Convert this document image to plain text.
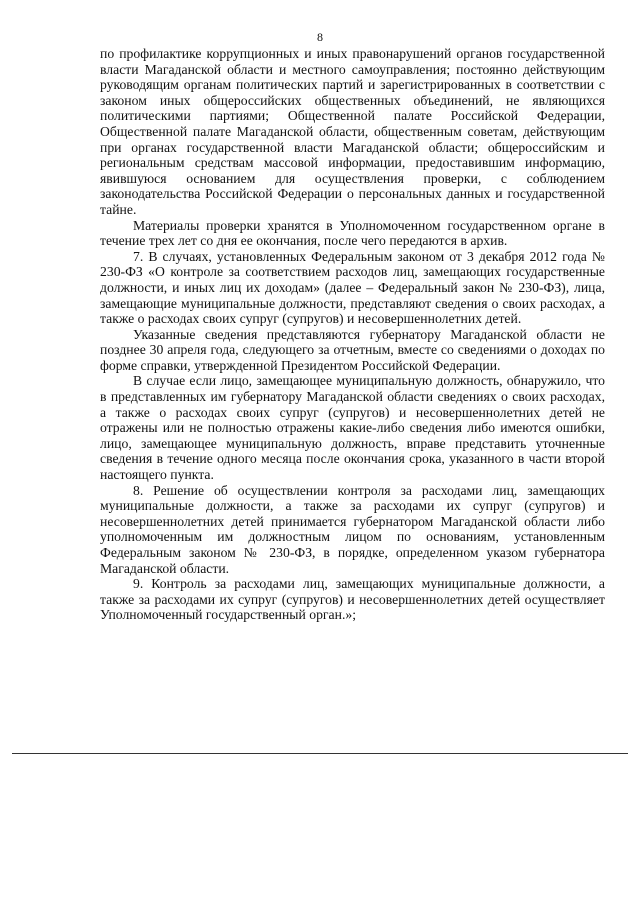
8

по профилактике коррупционных и иных правонарушений органов государственной власти Магаданской области и местного самоуправления; постоянно действующим руководящим органам политических партий и зарегистрированных в соответствии с законом иных общероссийских общественных объединений, не являющихся политическими партиями; Общественной палате Российской Федерации, Общественной палате Магаданской области, общественным советам, действующим при органах государственной власти Магаданской области; общероссийским и региональным средствам массовой информации, предоставившим информацию, явившуюся основанием для осуществления проверки, с соблюдением законодательства Российской Федерации о персональных данных и государственной тайне.

Материалы проверки хранятся в Уполномоченном государственном органе в течение трех лет со дня ее окончания, после чего передаются в архив.

7. В случаях, установленных Федеральным законом от 3 декабря 2012 года № 230-ФЗ «О контроле за соответствием расходов лиц, замещающих государственные должности, и иных лиц их доходам» (далее – Федеральный закон № 230-ФЗ), лица, замещающие муниципальные должности, представляют сведения о своих расходах, а также о расходах своих супруг (супругов) и несовершеннолетних детей.

Указанные сведения представляются губернатору Магаданской области не позднее 30 апреля года, следующего за отчетным, вместе со сведениями о доходах по форме справки, утвержденной Президентом Российской Федерации.

В случае если лицо, замещающее муниципальную должность, обнаружило, что в представленных им губернатору Магаданской области сведениях о своих расходах, а также о расходах своих супруг (супругов) и несовершеннолетних детей не отражены или не полностью отражены какие-либо сведения либо имеются ошибки, лицо, замещающее муниципальную должность, вправе представить уточненные сведения в течение одного месяца после окончания срока, указанного в части второй настоящего пункта.

8. Решение об осуществлении контроля за расходами лиц, замещающих муниципальные должности, а также за расходами их супруг (супругов) и несовершеннолетних детей принимается губернатором Магаданской области либо уполномоченным им должностным лицом по основаниям, установленным Федеральным законом № 230-ФЗ, в порядке, определенном указом губернатора Магаданской области.

9. Контроль за расходами лиц, замещающих муниципальные должности, а также за расходами их супруг (супругов) и несовершеннолетних детей осуществляет Уполномоченный государственный орган.»;
